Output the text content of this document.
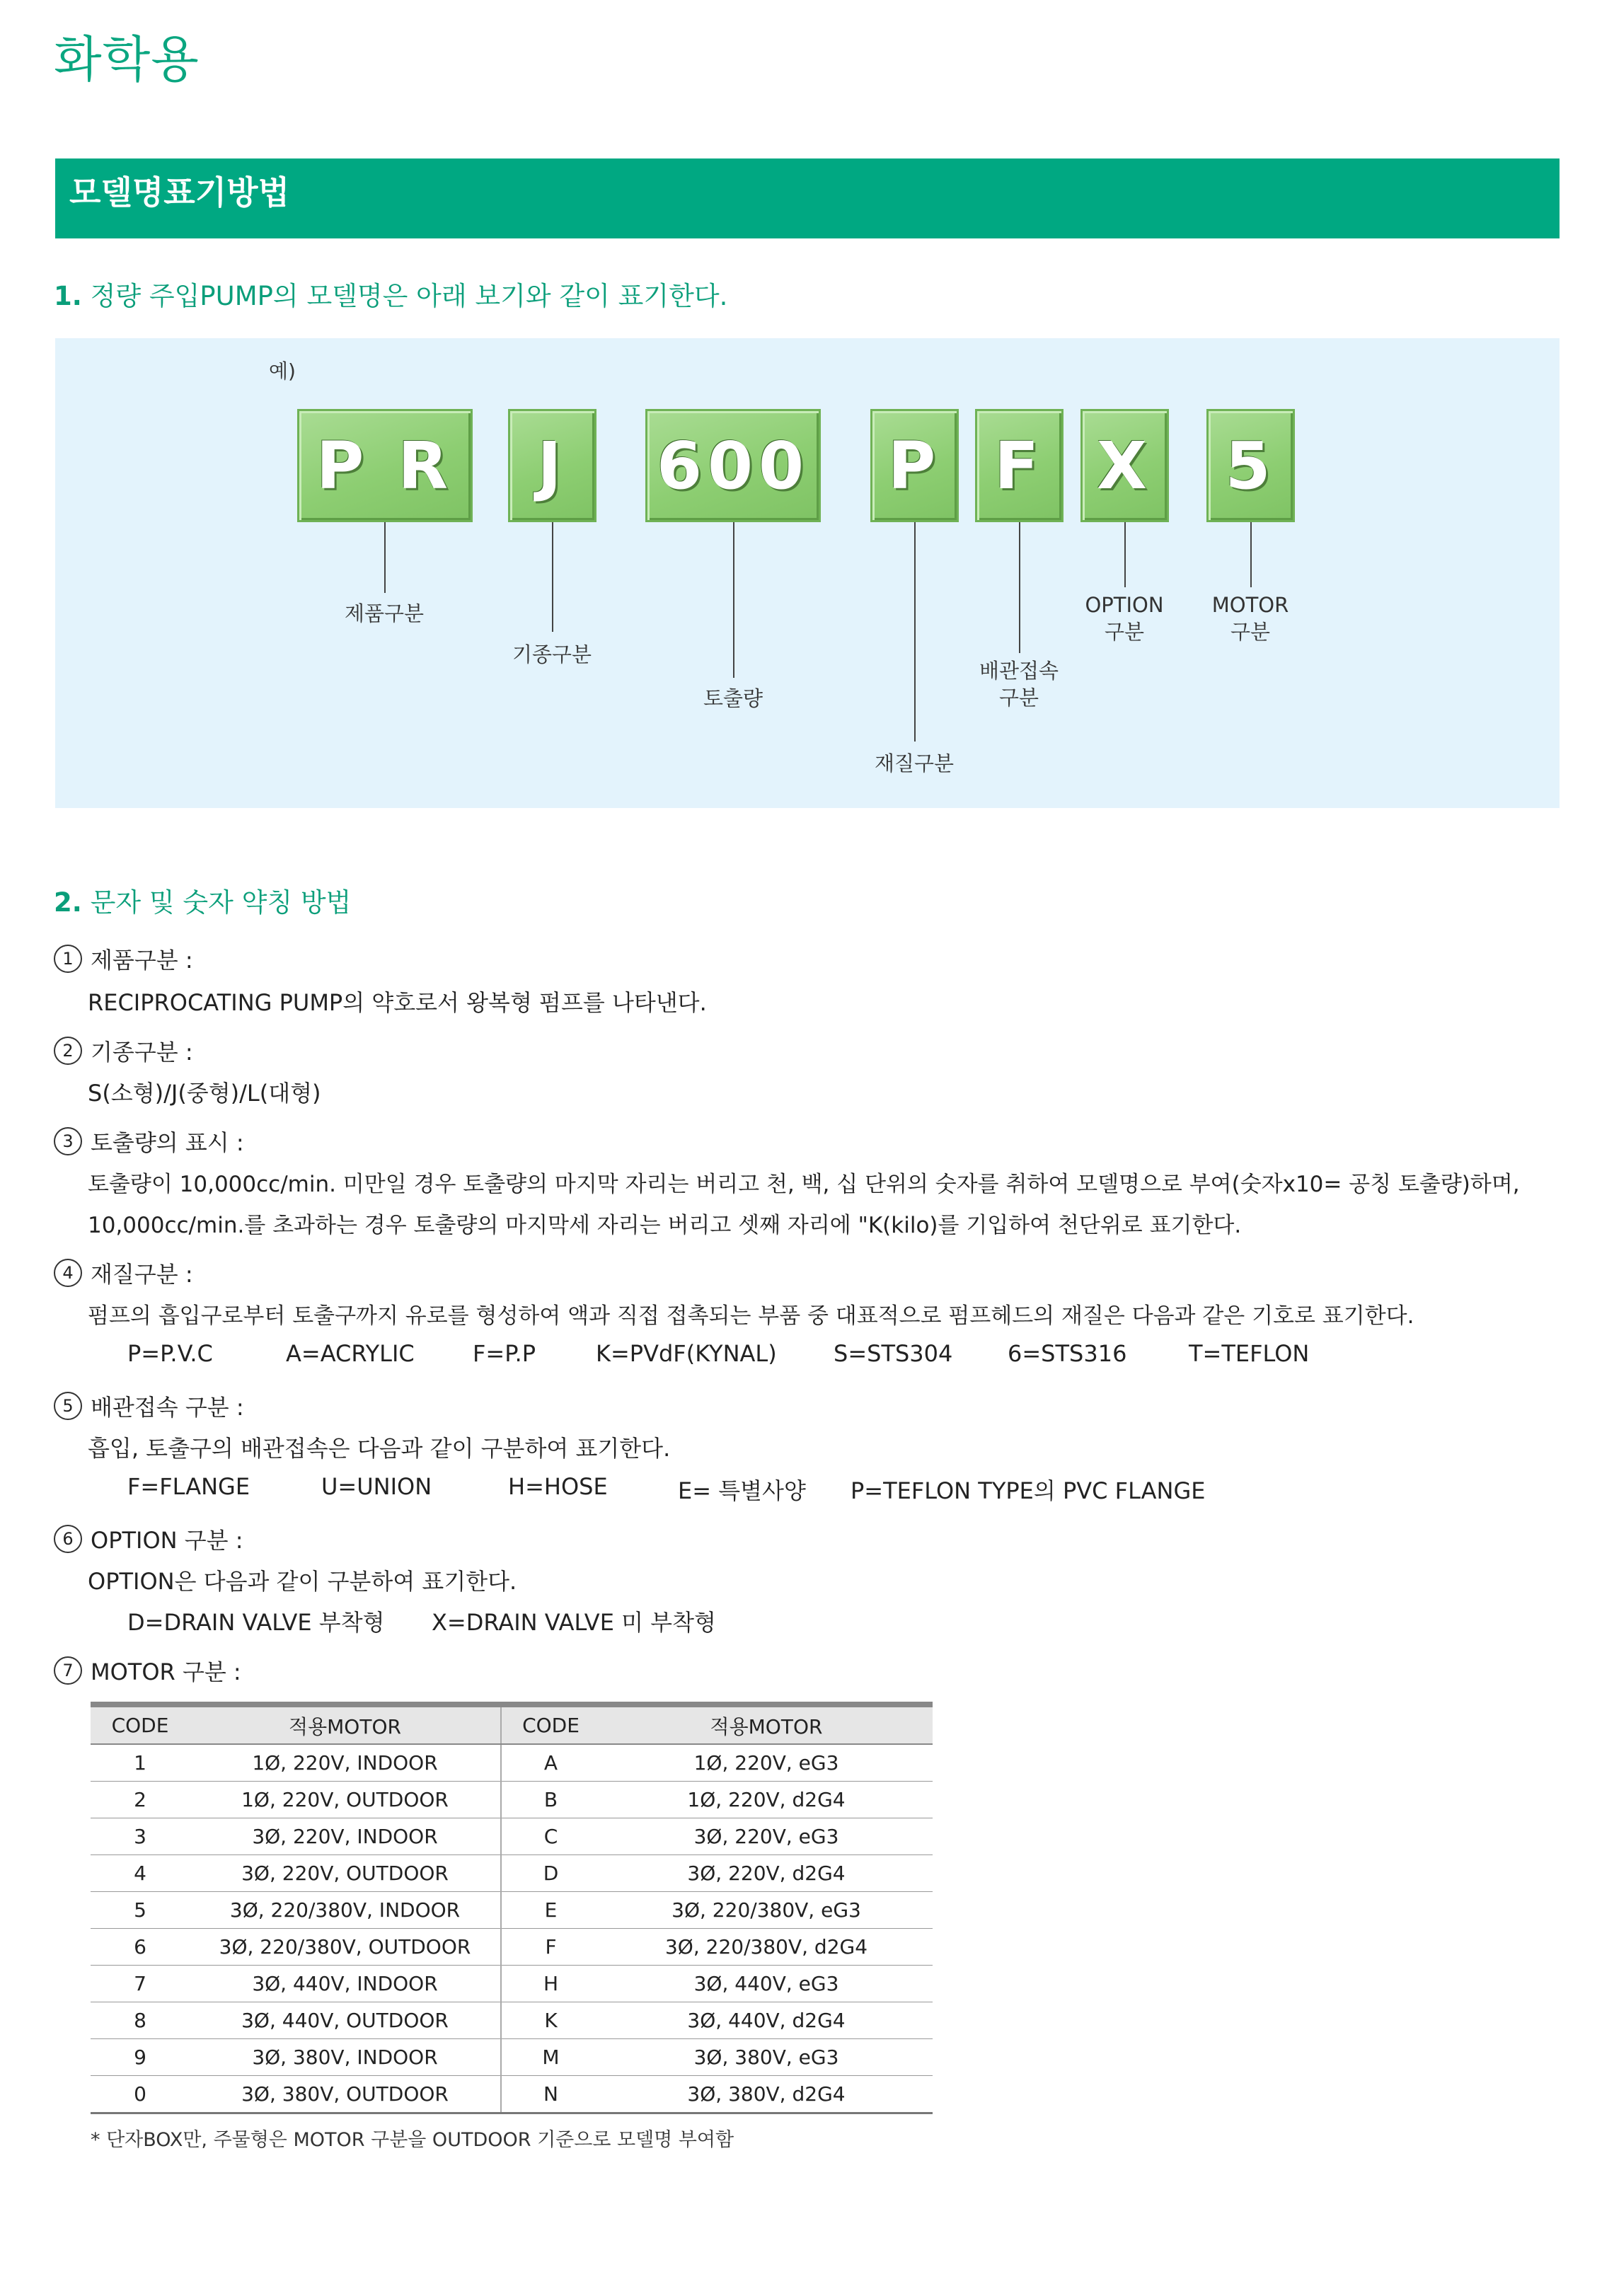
화학용
모델명표기방법
1. 정량 주입PUMP의 모델명은 아래 보기와 같이 표기한다.
예)
P R	J	600 P F X 5
제품구분
기종구분
토출량
재질구분
배관접속
구분
OPTION
구분
MOTOR
구분
2. 문자 및 숫자 약칭 방법
1 제품구분 :
RECIPROCATING PUMP의 약호로서 왕복형 펌프를 나타낸다.
2 기종구분 :
S(소형)/J(중형)/L(대형)
3 토출량의 표시 :
토출량이 10,000cc/min. 미만일 경우 토출량의 마지막 자리는 버리고 천, 백, 십 단위의 숫자를 취하여 모델명으로 부여(숫자x10= 공칭 토출량)하며,
10,000cc/min.를 초과하는 경우 토출량의 마지막세 자리는 버리고 셋째 자리에 "K(kilo)를 기입하여 천단위로 표기한다.
4 재질구분 :
펌프의 흡입구로부터 토출구까지 유로를 형성하여 액과 직접 접촉되는 부품 중 대표적으로 펌프헤드의 재질은 다음과 같은 기호로 표기한다.
P=P.V.C	A=ACRYLIC	F=P.P	K=PVdF(KYNAL)	S=STS304 6=STS316	T=TEFLON
5 배관접속 구분 :
흡입, 토출구의 배관접속은 다음과 같이 구분하여 표기한다.
F=FLANGE	U=UNION	H=HOSE	E= 특별사양 P=TEFLON TYPE의 PVC FLANGE
6 OPTION 구분 :
OPTION은 다음과 같이 구분하여 표기한다.
D=DRAIN VALVE 부착형 X=DRAIN VALVE 미 부착형
7 MOTOR 구분 :
CODE	적용MOTOR	CODE	적용MOTOR
1	1Ø, 220V, INDOOR	A	1Ø, 220V, eG3
2	1Ø, 220V, OUTDOOR	B	1Ø, 220V, d2G4
3	3Ø, 220V, INDOOR	C	3Ø, 220V, eG3
4	3Ø, 220V, OUTDOOR	D	3Ø, 220V, d2G4
5	3Ø, 220/380V, INDOOR	E	3Ø, 220/380V, eG3
6	3Ø, 220/380V, OUTDOOR	F	3Ø, 220/380V, d2G4
7	3Ø, 440V, INDOOR	H	3Ø, 440V, eG3
8	3Ø, 440V, OUTDOOR	K	3Ø, 440V, d2G4
9	3Ø, 380V, INDOOR	M	3Ø, 380V, eG3
0	3Ø, 380V, OUTDOOR	N	3Ø, 380V, d2G4
* 단자BOX만, 주물형은 MOTOR 구분을 OUTDOOR 기준으로 모델명 부여함
